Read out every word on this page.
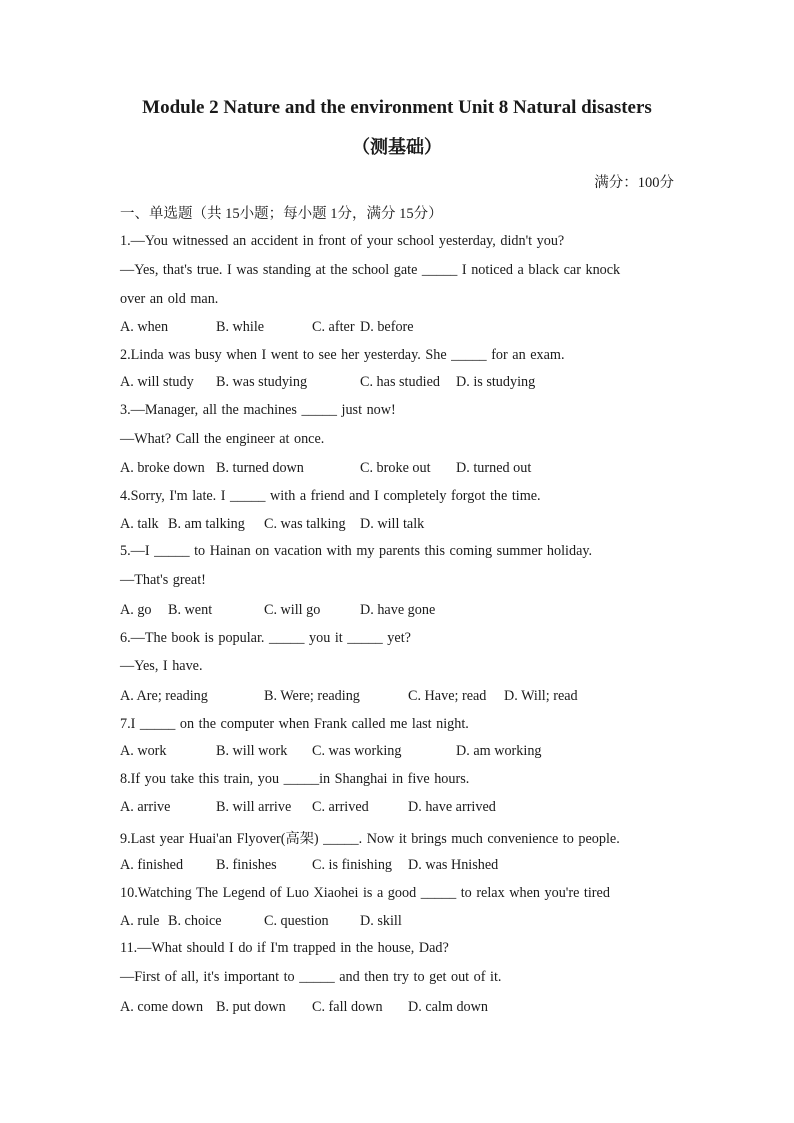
Module 2 Nature and the environment Unit 8 Natural disasters
（测基础）
满分：100分
一、单选题（共 15小题；每小题 1分，满分 15分）
1.—You witnessed an accident in front of your school yesterday, didn't you?
—Yes, that's true. I was standing at the school gate _____ I noticed a black car knock
over an old man.
A. when	B. while	C. after D. before
2.Linda was busy when I went to see her yesterday. She _____ for an exam.
A. will study B. was studying	C. has studied D. is studying
3.—Manager, all the machines _____ just now!
—What? Call the engineer at once.
A. broke down B. turned down	C. broke out D. turned out
4.Sorry, I'm late. I _____ with a friend and I completely forgot the time.
A. talk B. am talking C. was talking D. will talk
5.—I _____ to Hainan on vacation with my parents this coming summer holiday.
—That's great!
A. go B. went	C. will go	D. have gone
6.—The book is popular. _____ you it _____ yet?
—Yes, I have.
A. Are; reading	B. Were; reading	C. Have; read D. Will; read
7.I _____ on the computer when Frank called me last night.
A. work	B. will work C. was working	D. am working
8.If you take this train, you _____in Shanghai in five hours.
A. arrive	B. will arrive C. arrived	D. have arrived
9.Last year Huai'an Flyover(高架) _____. Now it brings much convenience to people.
A. finished B. finishes C. is finishing D. was Hnished
10.Watching The Legend of Luo Xiaohei is a good _____ to relax when you're tired
A. rule B. choice	C. question D. skill
11.—What should I do if I'm trapped in the house, Dad?
—First of all, it's important to _____ and then try to get out of it.
A. come down B. put down C. fall down D. calm down
